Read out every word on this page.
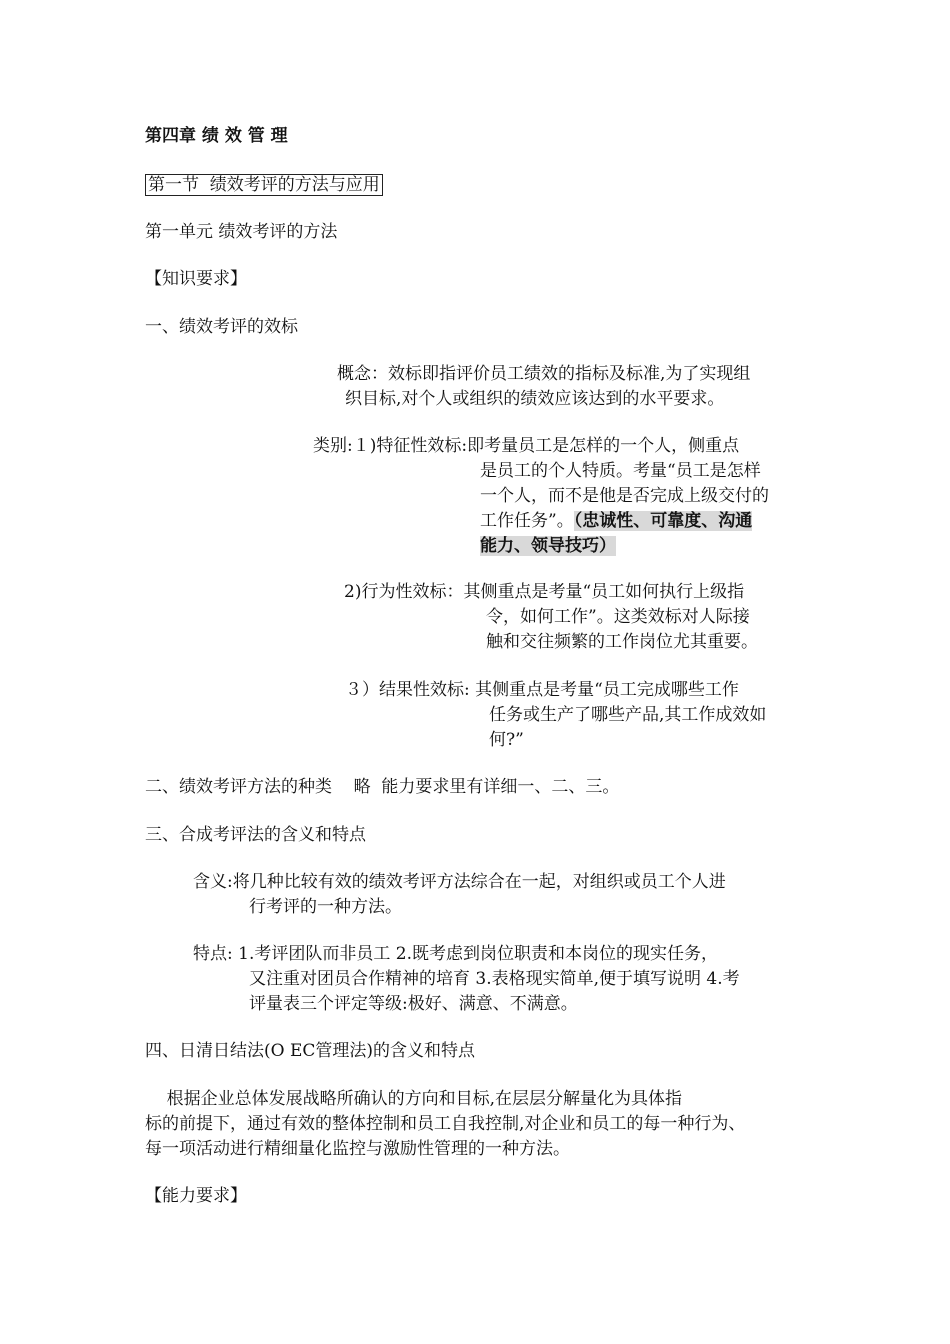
第四章 绩 效 管 理
第一节  绩效考评的方法与应用
第一单元 绩效考评的方法
【知识要求】
一、绩效考评的效标
概念：效标即指评价员工绩效的指标及标准,为了实现组
织目标,对个人或组织的绩效应该达到的水平要求。
类别:１)特征性效标:即考量员工是怎样的一个人，侧重点
是员工的个人特质。考量“员工是怎样
一个人，而不是他是否完成上级交付的
工作任务”。（忠诚性、可靠度、沟通
能力、领导技巧）
2)行为性效标：其侧重点是考量“员工如何执行上级指
令，如何工作”。这类效标对人际接
触和交往频繁的工作岗位尤其重要。
３）结果性效标: 其侧重点是考量“员工完成哪些工作
任务或生产了哪些产品,其工作成效如
何?”
二、绩效考评方法的种类    略  能力要求里有详细一、二、三。
三、合成考评法的含义和特点
含义:将几种比较有效的绩效考评方法综合在一起，对组织或员工个人进
行考评的一种方法。
特点: 1.考评团队而非员工 2.既考虑到岗位职责和本岗位的现实任务，
又注重对团员合作精神的培育 3.表格现实简单,便于填写说明 4.考
评量表三个评定等级:极好、满意、不满意。
四、日清日结法(O EC管理法)的含义和特点
根据企业总体发展战略所确认的方向和目标,在层层分解量化为具体指
标的前提下，通过有效的整体控制和员工自我控制,对企业和员工的每一种行为、
每一项活动进行精细量化监控与激励性管理的一种方法。
【能力要求】
